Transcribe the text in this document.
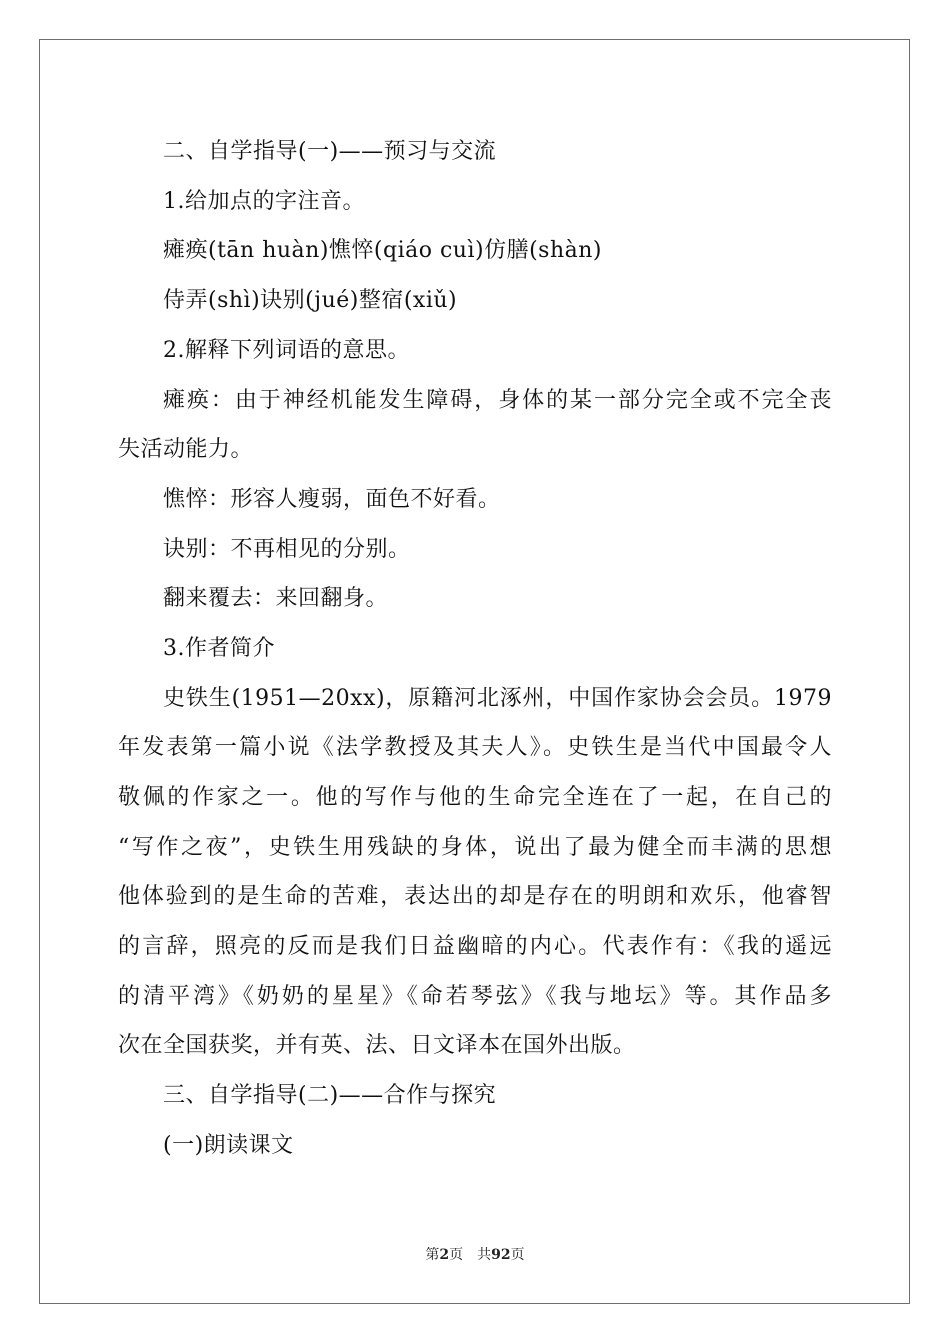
二、自学指导(一)——预习与交流
1.给加点的字注音。
瘫痪(tān huàn)憔悴(qiáo cuì)仿膳(shàn)
侍弄(shì)诀别(jué)整宿(xiǔ)
2.解释下列词语的意思。
瘫痪：由于神经机能发生障碍，身体的某一部分完全或不完全丧
失活动能力。
憔悴：形容人瘦弱，面色不好看。
诀别：不再相见的分别。
翻来覆去：来回翻身。
3.作者简介
史铁生(1951—20xx)，原籍河北涿州，中国作家协会会员。1979
年发表第一篇小说《法学教授及其夫人》。史铁生是当代中国最令人
敬佩的作家之一。他的写作与他的生命完全连在了一起，在自己的
“写作之夜”，史铁生用残缺的身体，说出了最为健全而丰满的思想
他体验到的是生命的苦难，表达出的却是存在的明朗和欢乐，他睿智
的言辞，照亮的反而是我们日益幽暗的内心。代表作有：《我的遥远
的清平湾》《奶奶的星星》《命若琴弦》《我与地坛》等。其作品多
次在全国获奖，并有英、法、日文译本在国外出版。
三、自学指导(二)——合作与探究
(一)朗读课文
第2页 共92页
